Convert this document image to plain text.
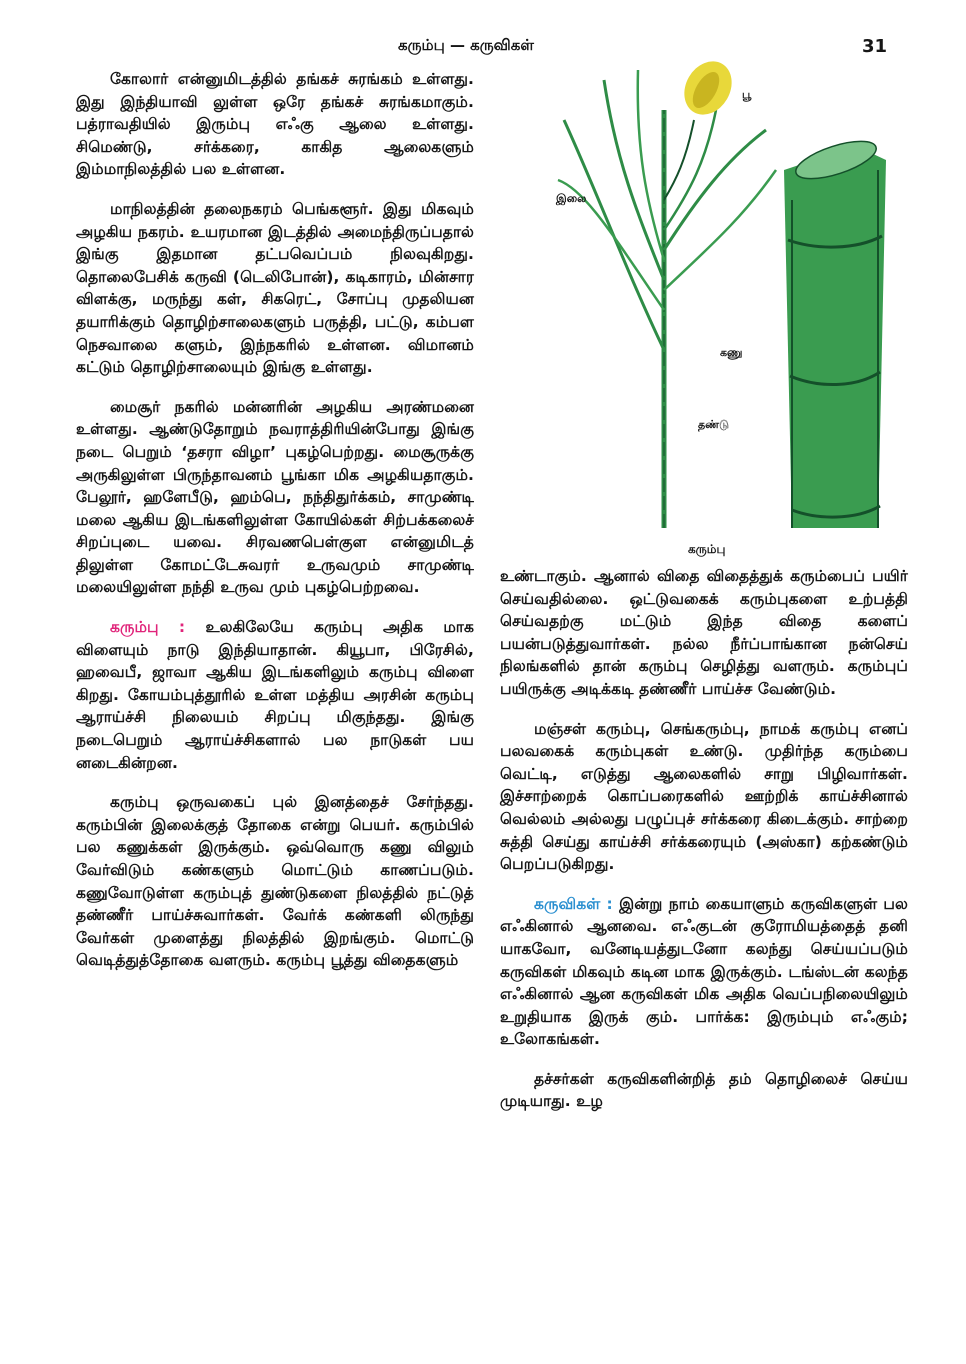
கரும்பு — கருவிகள்	31

கோலார் என்னுமிடத்தில் தங்கச் சுரங்கம் உள்ளது. இது இந்தியாவி லுள்ள ஒரே தங்கச் சுரங்கமாகும். பத்ராவதியில் இரும்பு எஃகு ஆலை உள்ளது. சிமெண்டு, சர்க்கரை, காகித ஆலைகளும் இம்மாநிலத்தில் பல உள்ளன.

மாநிலத்தின் தலைநகரம் பெங்களூர். இது மிகவும் அழகிய நகரம். உயரமான இடத்தில் அமைந்திருப்பதால் இங்கு இதமான தட்பவெப்பம் நிலவுகிறது. தொலைபேசிக் கருவி (டெலிபோன்), கடிகாரம், மின்சார விளக்கு, மருந்து கள், சிகரெட், சோப்பு முதலியன தயாரிக்கும் தொழிற்சாலைகளும் பருத்தி, பட்டு, கம்பள நெசவாலை களும், இந்நகரில் உள்ளன. விமானம் கட்டும் தொழிற்சாலையும் இங்கு உள்ளது.

மைசூர் நகரில் மன்னரின் அழகிய அரண்மனை உள்ளது. ஆண்டுதோறும் நவராத்திரியின்போது இங்கு நடை பெறும் ‘தசரா விழா’ புகழ்பெற்றது. மைசூருக்கு அருகிலுள்ள பிருந்தாவனம் பூங்கா மிக அழகியதாகும். பேலூர், ஹளேபீடு, ஹம்பெ, நந்திதுர்க்கம், சாமுண்டி மலை ஆகிய இடங்களிலுள்ள கோயில்கள் சிற்பக்கலைச் சிறப்புடை யவை. சிரவணபெள்குள என்னுமிடத் திலுள்ள கோமட்டேசுவரர் உருவமும் சாமுண்டி மலையிலுள்ள நந்தி உருவ மும் புகழ்பெற்றவை.

கரும்பு : உலகிலேயே கரும்பு அதிக மாக விளையும் நாடு இந்தியாதான். கியூபா, பிரேசில், ஹவைபீ, ஜாவா ஆகிய இடங்களிலும் கரும்பு விளை கிறது. கோயம்புத்தூரில் உள்ள மத்திய அரசின் கரும்பு ஆராய்ச்சி நிலையம் சிறப்பு மிகுந்தது. இங்கு நடைபெறும் ஆராய்ச்சிகளால் பல நாடுகள் பய னடைகின்றன.

கரும்பு ஒருவகைப் புல் இனத்தைச் சேர்ந்தது. கரும்பின் இலைக்குத் தோகை என்று பெயர். கரும்பில் பல கணுக்கள் இருக்கும். ஒவ்வொரு கணு விலும் வேர்விடும் கண்களும் மொட்டும் காணப்படும். கணுவோடுள்ள கரும்புத் துண்டுகளை நிலத்தில் நட்டுத் தண்ணீர் பாய்ச்சுவார்கள். வேர்க் கண்களி லிருந்து வேர்கள் முளைத்து நிலத்தில் இறங்கும். மொட்டு வெடித்துத்தோகை வளரும். கரும்பு பூத்து விதைகளும்

பூ
இலை
கணு
தண்டு
கரும்பு

உண்டாகும். ஆனால் விதை விதைத்துக் கரும்பைப் பயிர் செய்வதில்லை. ஒட்டுவகைக் கரும்புகளை உற்பத்தி செய்வதற்கு மட்டும் இந்த விதை களைப் பயன்படுத்துவார்கள். நல்ல நீர்ப்பாங்கான நன்செய் நிலங்களில் தான் கரும்பு செழித்து வளரும். கரும்புப் பயிருக்கு அடிக்கடி தண்ணீர் பாய்ச்ச வேண்டும்.

மஞ்சள் கரும்பு, செங்கரும்பு, நாமக் கரும்பு எனப் பலவகைக் கரும்புகள் உண்டு. முதிர்ந்த கரும்பை வெட்டி, எடுத்து ஆலைகளில் சாறு பிழிவார்கள். இச்சாற்றைக் கொப்பரைகளில் ஊற்றிக் காய்ச்சினால் வெல்லம் அல்லது பழுப்புச் சர்க்கரை கிடைக்கும். சாற்றை சுத்தி செய்து காய்ச்சி சர்க்கரையும் (அஸ்கா) கற்கண்டும் பெறப்படுகிறது.

கருவிகள் : இன்று நாம் கையாளும் கருவிகளுள் பல எஃகினால் ஆனவை. எஃகுடன் குரோமியத்தைத் தனி யாகவோ, வனேடியத்துடனோ கலந்து செய்யப்படும் கருவிகள் மிகவும் கடின மாக இருக்கும். டங்ஸ்டன் கலந்த எஃகினால் ஆன கருவிகள் மிக அதிக வெப்பநிலையிலும் உறுதியாக இருக் கும். பார்க்க: இரும்பும் எஃகும்; உலோகங்கள்.

தச்சர்கள் கருவிகளின்றித் தம் தொழிலைச் செய்ய முடியாது. உழ
